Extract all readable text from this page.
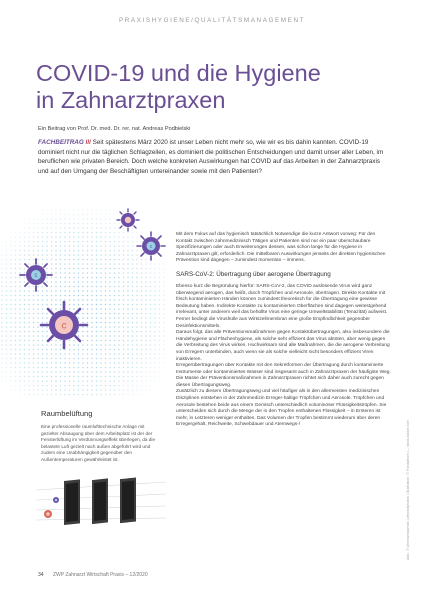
PRAXISHYGIENE/QUALITÄTSMANAGEMENT
COVID-19 und die Hygiene
in Zahnarztpraxen
Ein Beitrag von Prof. Dr. med. Dr. rer. nat. Andreas Podbielski

FACHBEITRAG /// Seit spätestens März 2020 ist unser Leben nicht mehr so, wie wir es bis dahin kannten. COVID-19 dominiert nicht nur die täglichen Schlagzeilen, es dominiert die politischen Entscheidungen und damit unser aller Leben, im beruflichen wie privaten Bereich. Doch welche konkreten Auswirkungen hat COVID auf das Arbeiten in der Zahnarztpraxis und auf den Umgang der Beschäftigten untereinander sowie mit den Patienten?

c
c
c
Raumbelüftung

Eine professionelle raumlufttechnische Anlage mit gezielter Absaugung über dem Arbeitsplatz ist der der Fensterlüftung im Verdünnungseffekt überlegen, da die belastete Luft gezielt nach außen abgeführt wird und zudem eine Unabhängigkeit gegenüber den Außentemperaturen gewährleistet ist.

Mit dem Fokus auf das hygienisch tatsächlich Notwendige die kurze Antwort vorweg: Für den Kontakt zwischen zahnmedizinisch Tätigen und Patienten sind nur ein paar überschaubare Spezifizierungen oder auch Erweiterungen dessen, was schon lange für die Hygiene in Zahnarztpraxen gilt, erforderlich. Die mittelbaren Auswirkungen jenseits der direkten hygienischen Prävention sind dagegen – zumindest momentan – immens.

SARS-CoV-2: Übertragung über aerogene Übertragung

Ebenso kurz die Begründung hierfür: SARS-CoV-2, das COVID auslösende Virus wird ganz überwiegend aerogen, das heißt, durch Tröpfchen und Aerosole, übertragen. Direkte Kontakte mit frisch kontaminierten Händen können zumindest theoretisch für die Übertragung eine gewisse Bedeutung haben. Indirekte Kontakte zu kontaminierten Oberflächen sind dagegen weitestgehend irrelevant, unter anderem weil das behüllte Virus eine geringe Umweltstabilität (Tenazität) aufweist. Ferner bedingt die Virushülle aus Wirtszellmembran eine große Empfindlichkeit gegenüber Desinfektionsmitteln.

Daraus folgt, das alle Präventionsmaßnahmen gegen Kontaktübertragungen, also insbesondere die Händehygiene und Flächenhygiene, als solche sehr effizient das Virus abtöten, aber wenig gegen die Verbreitung des Virus wirken. Hochwirksam sind alle Maßnahmen, die die aerogene Verbreitung von Erregern unterbinden, auch wenn sie als solche vielleicht nicht besonders effizient Viren inaktivieren.

Erregerübertragungen über Kontakte mit den Sekretformen der Übertragung durch kontaminierte Instrumente oder kontaminiertes Wasser sind insgesamt auch in Zahnarztpraxen der häufigste Weg. Die Masse der Präventionsmaßnahmen in Zahnarztpraxen richtet sich daher auch zurecht gegen diesen Übertragungsweg.

Zusätzlich zu diesem Übertragungsweg und viel häufiger als in den allermeisten medizinischen Disziplinen entstehen in der Zahnmedizin Erreger-haltige Tröpfchen und Aerosole. Tröpfchen und Aerosole bestehen beide aus einem Gemisch unterschiedlich voluminöser Flüssigkeitströpfen. Sie unterscheiden sich durch die Menge der in den Tropfen enthaltenen Flüssigkeit – in Ersteren ist mehr, in Letzteren weniger enthalten. Das Volumen der Tropfen bestimmt wiederum über deren Erregergehalt, Reichweite, Schwebdauer und Atemwegs-/	Abb.: © phonlamaiphoto | depositphotos | Illustration: © Fondateurs | – stock.adobe.com
34 ZWP Zahnarzt Wirtschaft Praxis – 12/2020
